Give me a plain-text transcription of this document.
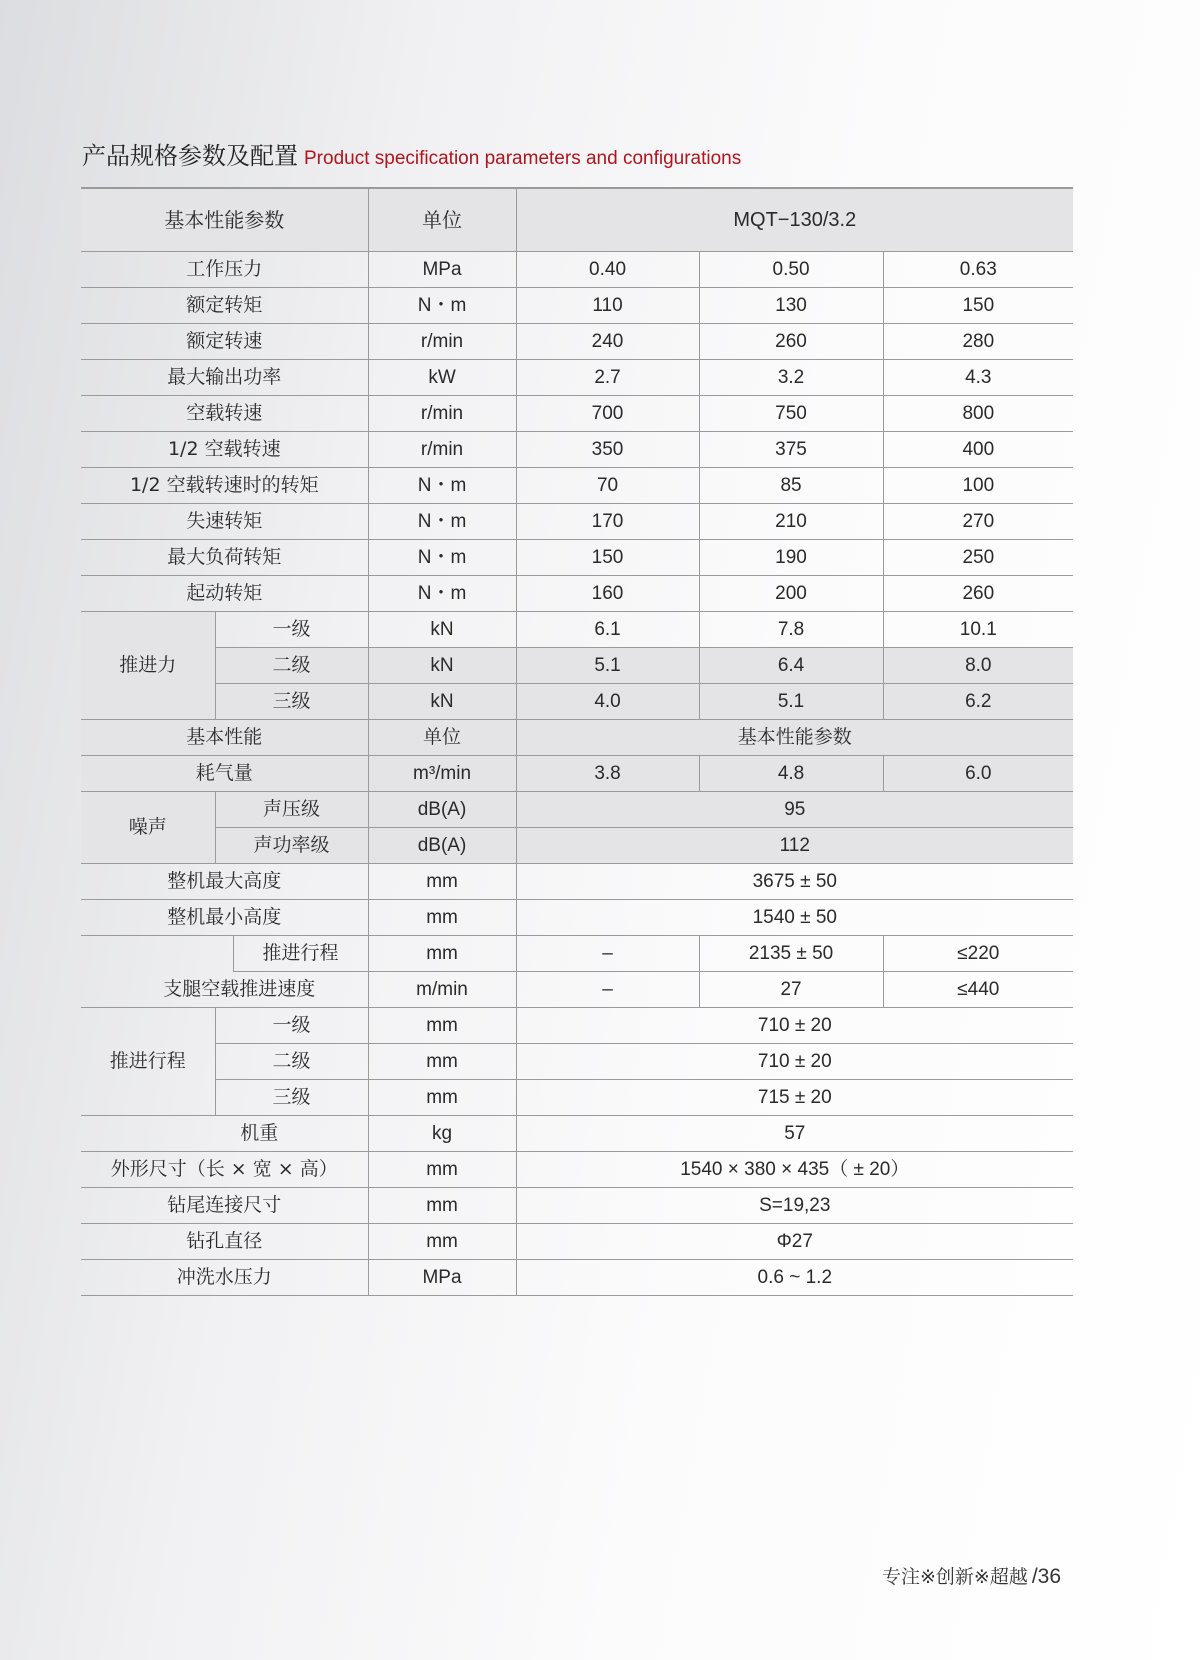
产品规格参数及配置 Product specification parameters and configurations
基本性能参数			单位	MQT−130/3.2		
工作压力			MPa	0.40	0.50	0.63
额定转矩			N・m	110	130	150
额定转速			r/min	240	260	280
最大输出功率			kW	2.7	3.2	4.3
空载转速			r/min	700	750	800
1/2 空载转速			r/min	350	375	400
1/2 空载转速时的转矩			N・m	70	85	100
失速转矩			N・m	170	210	270
最大负荷转矩			N・m	150	190	250
起动转矩			N・m	160	200	260
推进力	一级		kN	6.1	7.8	10.1
	二级		kN	5.1	6.4	8.0
	三级		kN	4.0	5.1	6.2
基本性能			单位	基本性能参数		
耗气量			m³/min	3.8	4.8	6.0
噪声	声压级		dB(A)	95		
	声功率级		dB(A)	112		
整机最大高度			mm	3675 ± 50		
整机最小高度			mm	1540 ± 50		
		推进行程	mm	–	2135 ± 50	≤220
支腿空载推进速度			m/min	–	27	≤440
推进行程	一级		mm	710 ± 20		
	二级		mm	710 ± 20		
	三级		mm	715 ± 20		
机重			kg	57		
外形尺寸（长 × 宽 × 高）			mm	1540 × 380 × 435（ ± 20）		
钻尾连接尺寸			mm	S=19,23		
钻孔直径			mm	Φ27		
冲洗水压力			MPa	0.6 ~ 1.2		
专注※创新※超越 /36
